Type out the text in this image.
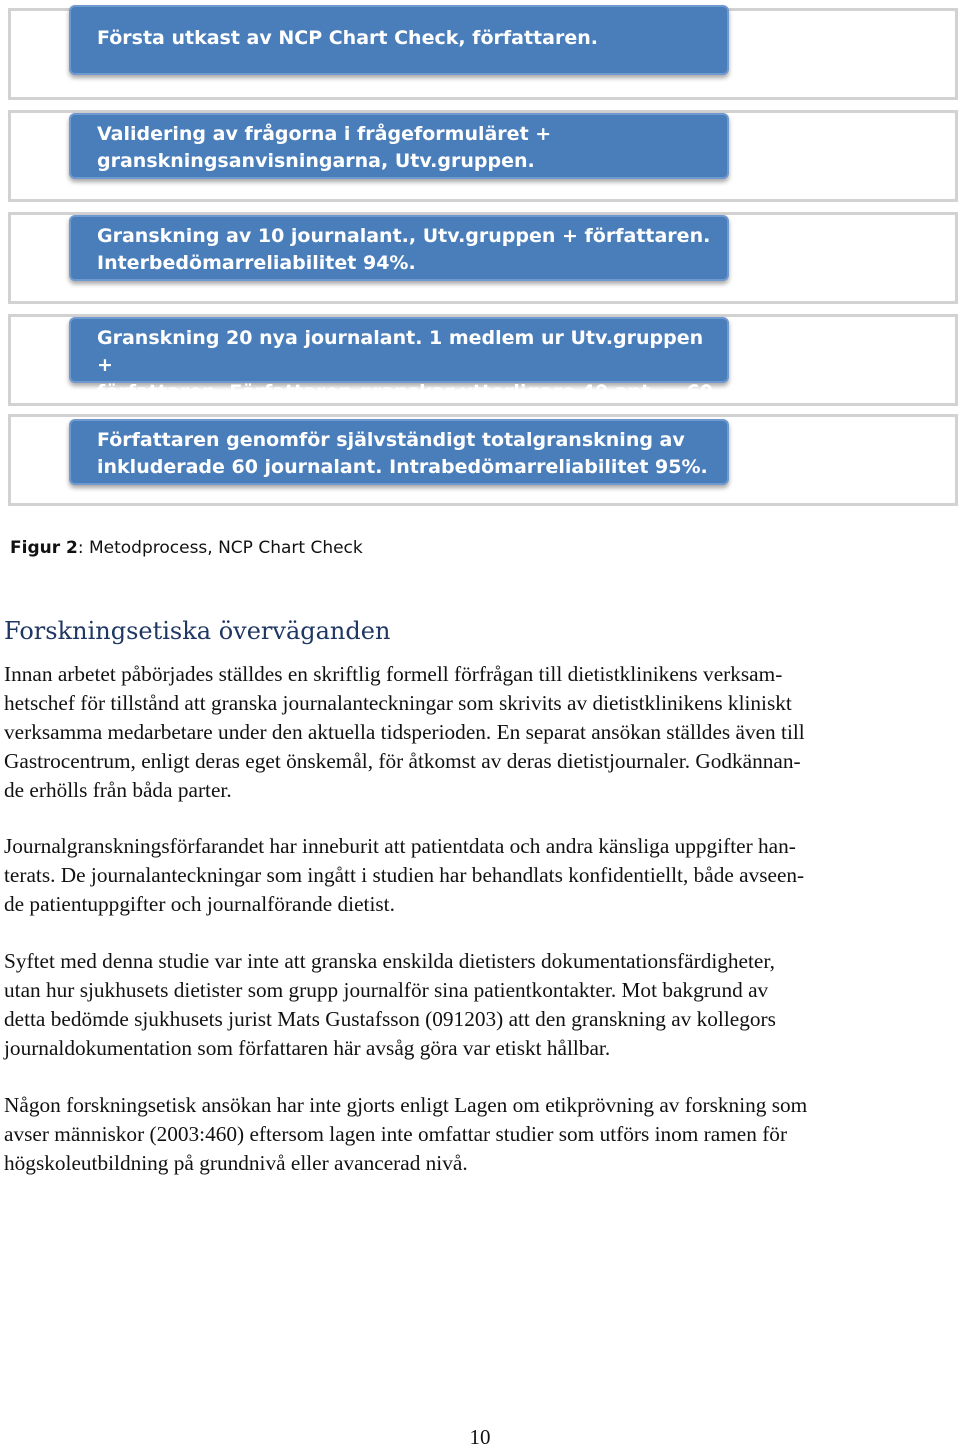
Första utkast av NCP Chart Check, författaren.
Validering av frågorna i frågeformuläret +
granskningsanvisningarna, Utv.gruppen.
Granskning av 10 journalant., Utv.gruppen + författaren.
Interbedömarreliabilitet 94%.
Granskning 20 nya journalant. 1 medlem ur Utv.gruppen +
författaren. Författaren granskar ytterligare 40 ant. = 60
Författaren genomför självständigt totalgranskning av
inkluderade 60 journalant. Intrabedömarreliabilitet 95%.
Figur 2: Metodprocess, NCP Chart Check
Forskningsetiska överväganden

Innan arbetet påbörjades ställdes en skriftlig formell förfrågan till dietistklinikens verksam-
hetschef för tillstånd att granska journalanteckningar som skrivits av dietistklinikens kliniskt
verksamma medarbetare under den aktuella tidsperioden. En separat ansökan ställdes även till
Gastrocentrum, enligt deras eget önskemål, för åtkomst av deras dietistjournaler. Godkännan-
de erhölls från båda parter.

Journalgranskningsförfarandet har inneburit att patientdata och andra känsliga uppgifter han-
terats. De journalanteckningar som ingått i studien har behandlats konfidentiellt, både avseen-
de patientuppgifter och journalförande dietist.

Syftet med denna studie var inte att granska enskilda dietisters dokumentationsfärdigheter,
utan hur sjukhusets dietister som grupp journalför sina patientkontakter. Mot bakgrund av
detta bedömde sjukhusets jurist Mats Gustafsson (091203) att den granskning av kollegors
journaldokumentation som författaren här avsåg göra var etiskt hållbar.

Någon forskningsetisk ansökan har inte gjorts enligt Lagen om etikprövning av forskning som
avser människor (2003:460) eftersom lagen inte omfattar studier som utförs inom ramen för
högskoleutbildning på grundnivå eller avancerad nivå.

10
